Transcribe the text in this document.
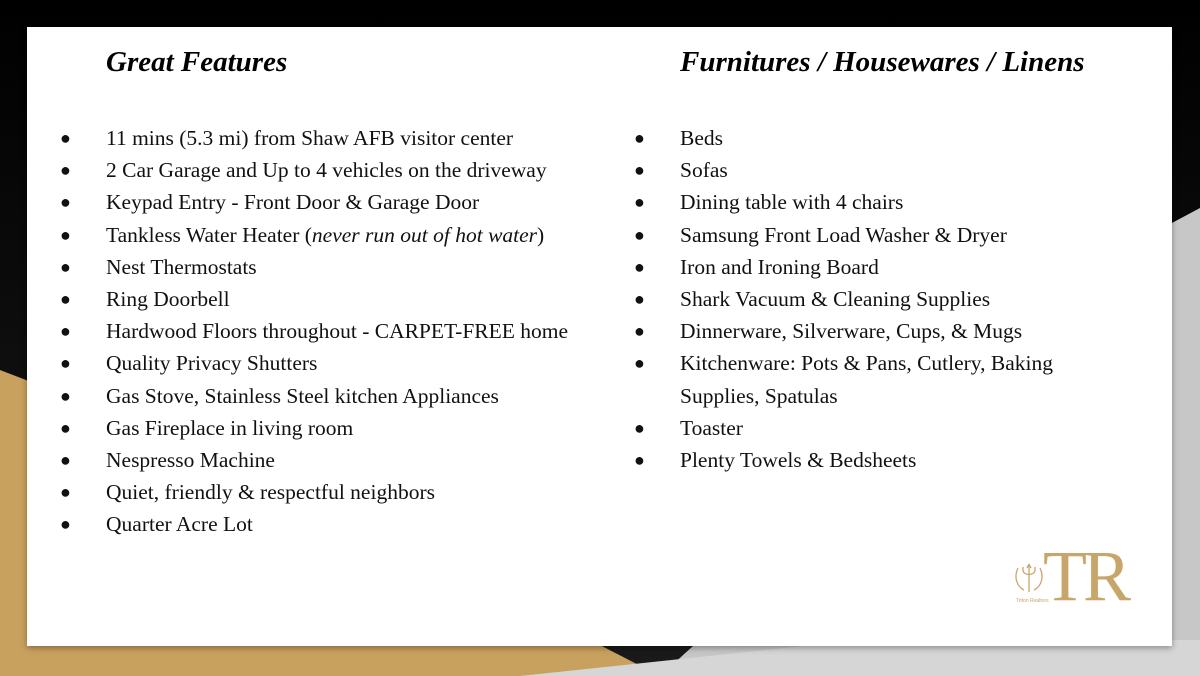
Great Features	Furnitures / Housewares / Linens
● 11 mins (5.3 mi) from Shaw AFB visitor center
● 2 Car Garage and Up to 4 vehicles on the driveway
● Keypad Entry - Front Door & Garage Door
● Tankless Water Heater (never run out of hot water)
● Nest Thermostats
● Ring Doorbell
● Hardwood Floors throughout - CARPET-FREE home
● Quality Privacy Shutters
● Gas Stove, Stainless Steel kitchen Appliances
● Gas Fireplace in living room
● Nespresso Machine
● Quiet, friendly & respectful neighbors
● Quarter Acre Lot
● Beds
● Sofas
● Dining table with 4 chairs
● Samsung Front Load Washer & Dryer
● Iron and Ironing Board
● Shark Vacuum & Cleaning Supplies
● Dinnerware, Silverware, Cups, & Mugs
● Kitchenware: Pots & Pans, Cutlery, Baking Supplies, Spatulas
● Toaster
● Plenty Towels & Bedsheets
TR
Triton Realtors
